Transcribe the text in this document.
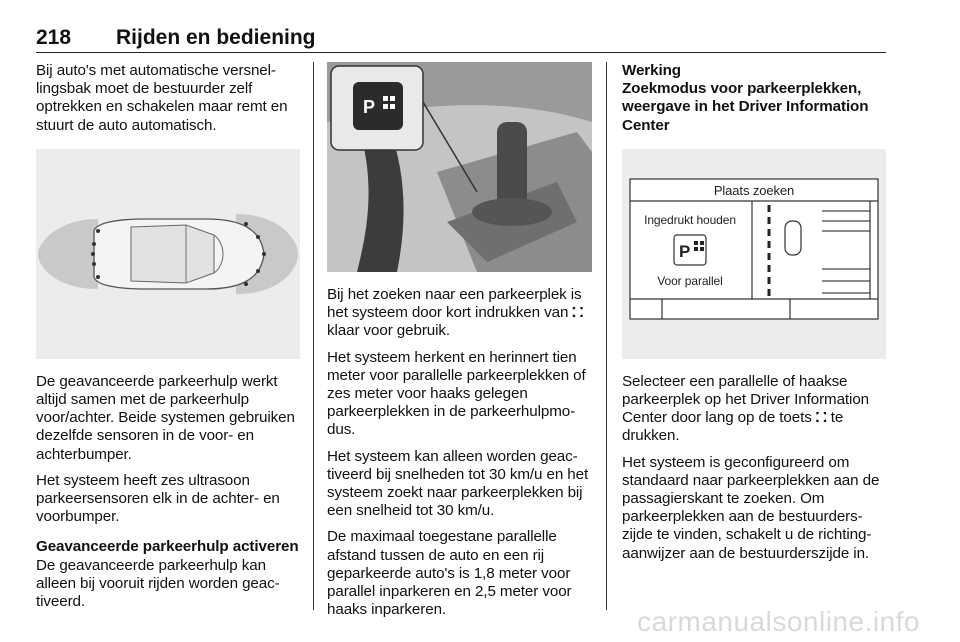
218 Rijden en bediening

Bij auto's met automatische versnellingsbak moet de bestuurder zelf optrekken en schakelen maar remt en stuurt de auto automatisch.

De geavanceerde parkeerhulp werkt altijd samen met de parkeerhulp voor/achter. Beide systemen gebruiken dezelfde sensoren in de voor- en achterbumper.

Het systeem heeft zes ultrasoon parkeersensoren elk in de achter- en voorbumper.

Geavanceerde parkeerhulp activeren

De geavanceerde parkeerhulp kan alleen bij vooruit rijden worden geactiveerd.

P

Bij het zoeken naar een parkeerplek is het systeem door kort indrukken van ⛚ klaar voor gebruik.

Het systeem herkent en herinnert tien meter voor parallelle parkeerplekken of zes meter voor haaks gelegen parkeerplekken in de parkeerhulpmodus.

Het systeem kan alleen worden geactiveerd bij snelheden tot 30 km/u en het systeem zoekt naar parkeerplekken bij een snelheid tot 30 km/u.

De maximaal toegestane parallelle afstand tussen de auto en een rij geparkeerde auto's is 1,8 meter voor parallel inparkeren en 2,5 meter voor haaks inparkeren.

Werking
Zoekmodus voor parkeerplekken, weergave in het Driver Information Center
Plaats zoeken
Ingedrukt houden
P
Voor parallel

Selecteer een parallelle of haakse parkeerplek op het Driver Information Center door lang op de toets ⛚ te drukken.

Het systeem is geconfigureerd om standaard naar parkeerplekken aan de passagierskant te zoeken. Om parkeerplekken aan de bestuurderszijde te vinden, schakelt u de richtingaanwijzer aan de bestuurderszijde in.

carmanualsonline.info
